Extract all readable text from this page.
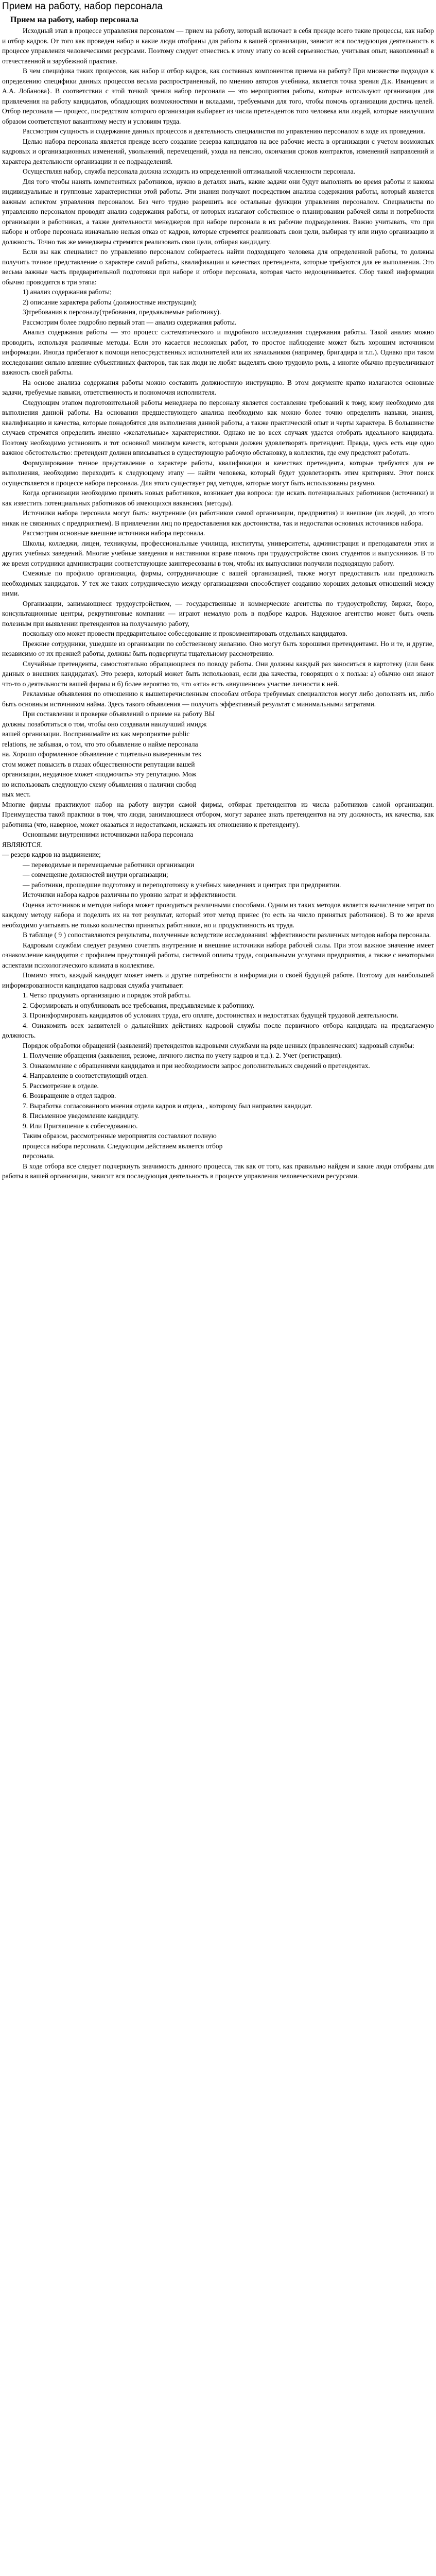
Прием на работу, набор персонала
Прием на работу, набор персонала

Исходный этап в процессе управления персоналом — прием на работу, который включает в себя прежде всего такие процессы, как набор и отбор кадров. От того как проведен набор и какие люди отобраны для работы в вашей организации, зависит вся последующая деятельность в процессе управления человеческими ресурсами. Поэтому следует отнестись к этому этапу со всей серьезностью, учитывая опыт, накопленный в отечественной и зарубежной практике.

В чем специфика таких процессов, как набор и отбор кадров, как составных компонентов приема на работу? При множестве подходов к определению специфики данных процессов весьма распространенный, по мнению авторов учебника, является точка зрения Д.к. Иванцевич и А.А. Лобанова}. В соответствии с этой точкой зрения набор персонала — это мероприятия работы, которые используют организация для привлечения на работу кандидатов, обладающих возможностями и вкладами, требуемыми для того, чтобы помочь организации достичь целей. Отбор персонала — процесс, посредством которого организация выбирает из числа претендентов того человека или людей, которые наилучшим образом соответствуют вакантному месту и условиям труда.

Рассмотрим сущность и содержание данных процессов и деятельность специалистов по управлению персоналом в ходе их проведения.

Целью набора персонала является прежде всего создание резерва кандидатов на все рабочие места в организации с учетом возможных кадровых и организационных изменений, увольнений, перемещений, ухода на пенсию, окончания сроков контрактов, изменений направлений и характера деятельности организации и ее подразделений.

Осуществляя набор, служба персонала должна исходить из определенной оптимальной численности персонала.

Для того чтобы нанять компетентных работников, нужно в деталях знать, какие задачи они будут выполнять во время работы и каковы индивидуальные и групповые характеристики этой работы. Эти знания получают посредством анализа содержания работы, который является важным аспектом управления персоналом. Без чего трудно разрешить все остальные функции управления персоналом. Специалисты по управлению персоналом проводят анализ содержания работы, от которых излагают собственное о планировании рабочей силы и потребности организации в работниках, а также деятельности менеджеров при наборе персонала в их рабочие подразделения. Важно учитывать, что при наборе и отборе персонала изначально нельзя отказ от кадров, которые стремятся реализовать свои цели, выбирая ту или иную организацию и должность. Точно так же менеджеры стремятся реализовать свои цели, отбирая кандидату.

Если вы как специалист по управлению персоналом собираетесь найти подходящего человека для определенной работы, то должны получить точное представление о характере самой работы, квалификации и качествах претендента, которые требуются для ее выполнения. Это весьма важные часть предварительной подготовки при наборе и отборе персонала, которая часто недооценивается. Сбор такой информации обычно проводится в три этапа:

1) анализ содержания работы;

2) описание характера работы (должностные инструкции);

3)требования к персоналу(требования, предъявляемые работнику).

Рассмотрим более подробно первый этап — анализ содержания работы.

Анализ содержания работы — это процесс систематического и подробного исследования содержания работы. Такой анализ можно проводить, используя различные методы. Если это касается несложных работ, то простое наблюдение может быть хорошим источником информации. Иногда прибегают к помощи непосредственных исполнителей или их начальников (например, бригадира и т.п.). Однако при таком исследовании сильно влияние субъективных факторов, так как люди не любят выделять свою трудовую роль, а многие обычно преувеличивают важность своей работы.

На основе анализа содержания работы можно составить должностную инструкцию. В этом документе кратко излагаются основные задачи, требуемые навыки, ответственность и полномочия исполнителя.

Следующим этапом подготовительной работы менеджера по персоналу является составление требований к тому, кому необходимо для выполнения данной работы. На основании предшествующего анализа необходимо как можно более точно определить навыки, знания, квалификацию и качества, которые понадобятся для выполнения данной работы, а также практический опыт и черты характера. В большинстве случаев стремятся определить именно «желательные» характеристики. Однако не во всех случаях удается отобрать идеального кандидата. Поэтому необходимо установить и тот основной минимум качеств, которыми должен удовлетворять претендент. Правда, здесь есть еще одно важное обстоятельство: претендент должен вписываться в существующую рабочую обстановку, в коллектив, где ему предстоит работать.

Формулирование точное представление о характере работы, квалификации и качествах претендента, которые требуются для ее выполнения, необходимо переходить к следующему этапу — найти человека, который будет удовлетворять этим критериям. Этот поиск осуществляется в процессе набора персонала. Для этого существует ряд методов, которые могут быть использованы разумно.

Когда организации необходимо принять новых работников, возникает два вопроса: где искать потенциальных работников (источники) и как известить потенциальных работников об имеющихся вакансиях (методы).

Источники набора персонала могут быть: внутренние (из работников самой организации, предприятия) и внешние (из людей, до этого никак не связанных с предприятием). В привлечении лиц по предоставления как достоинства, так и недостатки основных источников набора.

Рассмотрим основные внешние источники набора персонала.

Школы, колледжи, лицеи, техникумы, профессиональные училища, институты, университеты, администрация и преподаватели этих и других учебных заведений. Многие учебные заведения и наставники вправе помочь при трудоустройстве своих студентов и выпускников. В то же время сотрудники администрации соответствующие заинтересованы в том, чтобы их выпускники получили подходящую работу.

Смежные по профилю организации, фирмы, сотрудничающие с вашей организацией, также могут предоставить или предложить необходимых кандидатов. У тех же таких сотрудническую между организациями способствует созданию хороших деловых отношений между ними.

Организации, занимающиеся трудоустройством, — государственные и коммерческие агентства по трудоустройству, биржи, бюро, консультационные центры, рекрутинговые компании — играют немалую роль в подборе кадров. Надежное агентство может быть очень полезным при выявлении претендентов на получаемую работу,

поскольку оно может провести предварительное собеседование и прокомментировать отдельных кандидатов.

Прежние сотрудники, ушедшие из организации по собственному желанию. Оно могут быть хорошими претендентами. Но и те, и другие, независимо от их прежней работы, должны быть подвергнуты тщательному рассмотрению.

Случайные претенденты, самостоятельно обращающиеся по поводу работы. Они должны каждый раз заноситься в картотеку (или банк данных о внешних кандидатах). Это резерв, который может быть использован, если два качества, говорящих о х польза: а) обычно они знают что-то о деятельности вашей фирмы и б) более вероятно то, что «эти» есть «внушенное» участие личности к ней.

Рекламные объявления по отношению к вышеперечисленным способам отбора требуемых специалистов могут либо дополнять их, либо быть основным источником найма. Здесь такого объявления — получить эффективный результат с минимальными затратами.

При составлении и проверке объявлений о приеме на работу ВЫ

должны позаботиться о том, чтобы оно создавали наилучший имидж

вашей организации. Воспринимайте их как мероприятие public

relations, не забывая, о том, что это объявление о найме персонала

на. Хорошо оформленное объявление с тщательно выверенным тек

стом может повысить в глазах общественности репутации вашей

организации, неудачное может «подмочить» эту репутацию. Мож

но использовать следующую схему объявления о наличии свобод

ных мест.

Многие фирмы практикуют набор на работу внутри самой фирмы, отбирая претендентов из числа работников самой организации. Преимущества такой практики в том, что люди, занимающиеся отбором, могут заранее знать претендентов на эту должность, их качества, как работника (что, наверное, может оказаться и недостатками, искажать их отношению к претенденту).

Основными внутренними источниками набора персонала

ЯВЛЯЮТСЯ.

— резерв кадров на выдвижение;

— переводимые и перемещаемые работники организации

— совмещение должностей внутри организации;

— работники, прошедшие подготовку и переподготовку в учебных заведениях и центрах при предприятии.

Источники набора кадров различны по уровню затрат и эффективности.

Оценка источников и методов набора может проводиться различными способами. Одним из таких методов является вычисление затрат по каждому методу набора и поделить их на тот результат, который этот метод принес (то есть на число принятых работников). В то же время необходимо учитывать не только количество принятых работников, но и продуктивность их труда.

В таблице ( 9 ) сопоставляются результаты, полученные вследствие исследования1 эффективности различных методов набора персонала.

Кадровым службам следует разумно сочетать внутренние и внешние источники набора рабочей силы. При этом важное значение имеет ознакомление кандидатов с профилем предстоящей работы, системой оплаты труда, социальными услугами предприятия, а также с некоторыми аспектами психологического климата в коллективе.

Помимо этого, каждый кандидат может иметь и другие потребности в информации о своей будущей работе. Поэтому для наибольшей информированности кандидатов кадровая служба учитывает:

1. Четко продумать организацию и порядок этой работы.

2. Сформировать и опубликовать все требования, предъявляемые к работнику.

3. Проинформировать кандидатов об условиях труда, его оплате, достоинствах и недостатках будущей трудовой деятельности.

4. Ознакомить всех заявителей о дальнейших действиях кадровой службы после первичного отбора кандидата на предлагаемую должность.

Порядок обработки обращений (заявлений) претендентов кадровыми службами на ряде ценных (правленческих) кадровый службы:

1. Получение обращения (заявления, резюме, личного листка по учету кадров и т.д.). 2. Учет (регистрация).

3. Ознакомление с обращениями кандидатов и при необходимости запрос дополнительных сведений о претендентах.

4. Направление в соответствующий отдел.

5. Рассмотрение в отделе.

6. Возвращение в отдел кадров.

7. Выработка согласованного мнения отдела кадров и отдела, , которому был направлен кандидат.

8. Письменное уведомление кандидату.

9. Или Приглашение к собеседованию.

Таким образом, рассмотренные мероприятия составляют полную

процесса набора персонала. Следующим действием является отбор

персонала.

В ходе отбора все следует подчеркнуть значимость данного процесса, так как от того, как правильно найдем и какие люди отобраны для работы в вашей организации, зависит вся последующая деятельность в процессе управления человеческими ресурсами.
